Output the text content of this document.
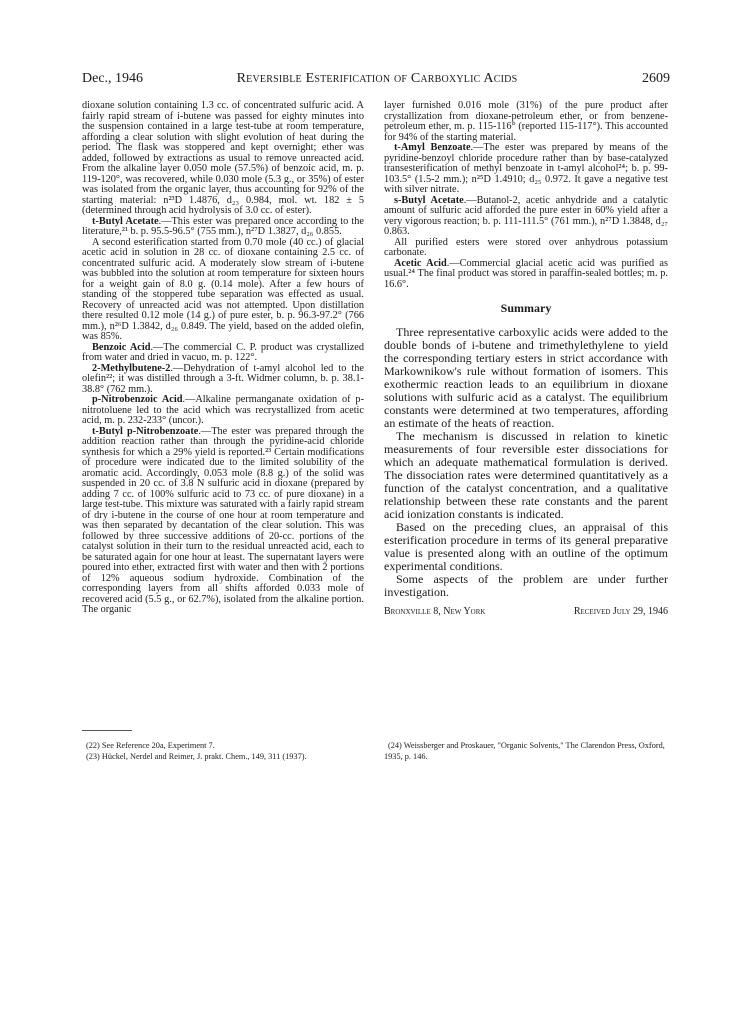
Dec., 1946	Reversible Esterification of Carboxylic Acids	2609

dioxane solution containing 1.3 cc. of concentrated sulfuric acid. A fairly rapid stream of i-butene was passed for eighty minutes into the suspension contained in a large test-tube at room temperature, affording a clear solution with slight evolution of heat during the period. The flask was stoppered and kept overnight; ether was added, followed by extractions as usual to remove unreacted acid. From the alkaline layer 0.050 mole (57.5%) of benzoic acid, m. p. 119-120°, was recovered, while 0.030 mole (5.3 g., or 35%) of ester was isolated from the organic layer, thus accounting for 92% of the starting material: n²³D 1.4876, d₂₃ 0.984, mol. wt. 182 ± 5 (determined through acid hydrolysis of 3.0 cc. of ester).

t-Butyl Acetate.—This ester was prepared once according to the literature,²¹ b. p. 95.5-96.5° (755 mm.), n²⁷D 1.3827, d₂₆ 0.855.

A second esterification started from 0.70 mole (40 cc.) of glacial acetic acid in solution in 28 cc. of dioxane containing 2.5 cc. of concentrated sulfuric acid. A moderately slow stream of i-butene was bubbled into the solution at room temperature for sixteen hours for a weight gain of 8.0 g. (0.14 mole). After a few hours of standing of the stoppered tube separation was effected as usual. Recovery of unreacted acid was not attempted. Upon distillation there resulted 0.12 mole (14 g.) of pure ester, b. p. 96.3-97.2° (766 mm.), n²⁶D 1.3842, d₂₆ 0.849. The yield, based on the added olefin, was 85%.

Benzoic Acid.—The commercial C. P. product was crystallized from water and dried in vacuo, m. p. 122°.

2-Methylbutene-2.—Dehydration of t-amyl alcohol led to the olefin²²; it was distilled through a 3-ft. Widmer column, b. p. 38.1-38.8° (762 mm.).

p-Nitrobenzoic Acid.—Alkaline permanganate oxidation of p-nitrotoluene led to the acid which was recrystallized from acetic acid, m. p. 232-233° (uncor.).

t-Butyl p-Nitrobenzoate.—The ester was prepared through the addition reaction rather than through the pyridine-acid chloride synthesis for which a 29% yield is reported.²³ Certain modifications of procedure were indicated due to the limited solubility of the aromatic acid. Accordingly, 0.053 mole (8.8 g.) of the solid was suspended in 20 cc. of 3.8 N sulfuric acid in dioxane (prepared by adding 7 cc. of 100% sulfuric acid to 73 cc. of pure dioxane) in a large test-tube. This mixture was saturated with a fairly rapid stream of dry i-butene in the course of one hour at room temperature and was then separated by decantation of the clear solution. This was followed by three successive additions of 20-cc. portions of the catalyst solution in their turn to the residual unreacted acid, each to be saturated again for one hour at least. The supernatant layers were poured into ether, extracted first with water and then with 2 portions of 12% aqueous sodium hydroxide. Combination of the corresponding layers from all shifts afforded 0.033 mole of recovered acid (5.5 g., or 62.7%), isolated from the alkaline portion. The organic

layer furnished 0.016 mole (31%) of the pure product after crystallization from dioxane-petroleum ether, or from benzene-petroleum ether, m. p. 115-116° (reported 115-117°). This accounted for 94% of the starting material.

t-Amyl Benzoate.—The ester was prepared by means of the pyridine-benzoyl chloride procedure rather than by base-catalyzed transesterification of methyl benzoate in t-amyl alcohol²⁴; b. p. 99-103.5° (1.5-2 mm.); n²⁵D 1.4910; d₂₅ 0.972. It gave a negative test with silver nitrate.

s-Butyl Acetate.—Butanol-2, acetic anhydride and a catalytic amount of sulfuric acid afforded the pure ester in 60% yield after a very vigorous reaction; b. p. 111-111.5° (761 mm.), n²⁷D 1.3848, d₂₇ 0.863.

All purified esters were stored over anhydrous potassium carbonate.

Acetic Acid.—Commercial glacial acetic acid was purified as usual.²⁴ The final product was stored in paraffin-sealed bottles; m. p. 16.6°.

Summary

Three representative carboxylic acids were added to the double bonds of i-butene and trimethylethylene to yield the corresponding tertiary esters in strict accordance with Markownikow's rule without formation of isomers. This exothermic reaction leads to an equilibrium in dioxane solutions with sulfuric acid as a catalyst. The equilibrium constants were determined at two temperatures, affording an estimate of the heats of reaction.

The mechanism is discussed in relation to kinetic measurements of four reversible ester dissociations for which an adequate mathematical formulation is derived. The dissociation rates were determined quantitatively as a function of the catalyst concentration, and a qualitative relationship between these rate constants and the parent acid ionization constants is indicated.

Based on the preceding clues, an appraisal of this esterification procedure in terms of its general preparative value is presented along with an outline of the optimum experimental conditions.

Some aspects of the problem are under further investigation.

Bronxville 8, New York	Received July 29, 1946
(22) See Reference 20a, Experiment 7.
(23) Hückel, Nerdel and Reimer, J. prakt. Chem., 149, 311 (1937).
(24) Weissberger and Proskauer, "Organic Solvents," The Clarendon Press, Oxford, 1935, p. 146.
